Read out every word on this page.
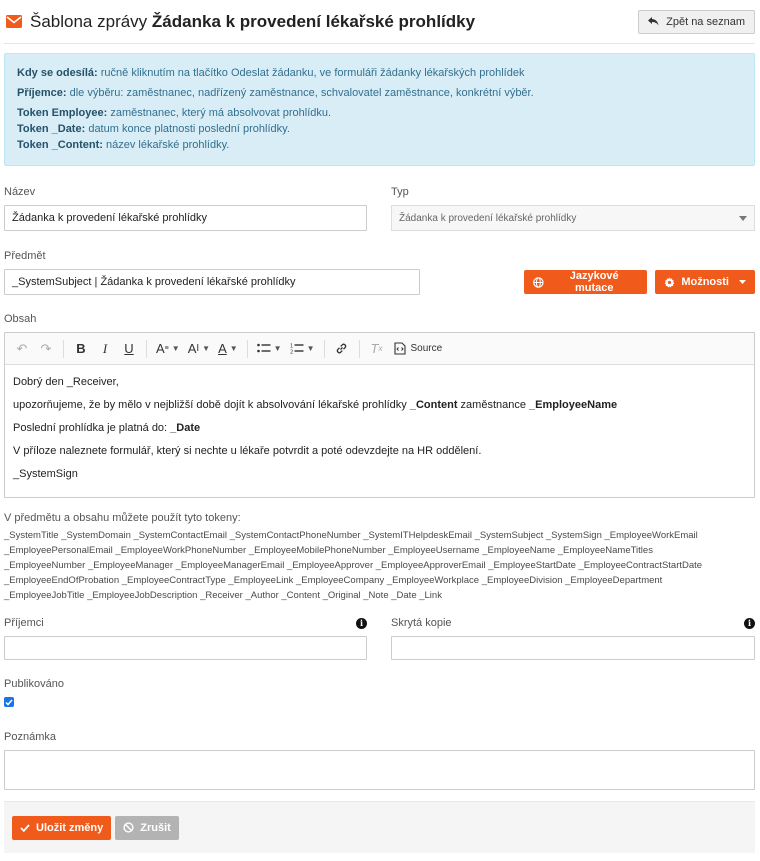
Šablona zprávy Žádanka k provedení lékařské prohlídky	Zpět na seznam
Kdy se odesílá: ručně kliknutím na tlačítko Odeslat žádanku, ve formuláři žádanky lékařských prohlídek
Příjemce: dle výběru: zaměstnanec, nadřízený zaměstnance, schvalovatel zaměstnance, konkrétní výběr.
Token Employee: zaměstnanec, který má absolvovat prohlídku.
Token _Date: datum konce platnosti poslední prohlídky.
Token _Content: název lékařské prohlídky.
Název
Žádanka k provedení lékařské prohlídky
Typ
Žádanka k provedení lékařské prohlídky
Předmět
_SystemSubject | Žádanka k provedení lékařské prohlídky	Jazykové mutace	Možnosti
Obsah
↶	↷	B	I	U	A ≡ ▼ A I ▼ A ▼	▼ 1
2 ▼	T x	Source

Dobrý den _Receiver,

upozorňujeme, že by mělo v nejbližší době dojít k absolvování lékařské prohlídky _Content zaměstnance _EmployeeName

Poslední prohlídka je platná do: _Date

V příloze naleznete formulář, který si nechte u lékaře potvrdit a poté odevzdejte na HR oddělení.

_SystemSign

V předmětu a obsahu můžete použít tyto tokeny:
_SystemTitle _SystemDomain _SystemContactEmail _SystemContactPhoneNumber _SystemITHelpdeskEmail _SystemSubject _SystemSign _EmployeeWorkEmail
_EmployeePersonalEmail _EmployeeWorkPhoneNumber _EmployeeMobilePhoneNumber _EmployeeUsername _EmployeeName _EmployeeNameTitles
_EmployeeNumber _EmployeeManager _EmployeeManagerEmail _EmployeeApprover _EmployeeApproverEmail _EmployeeStartDate _EmployeeContractStartDate
_EmployeeEndOfProbation _EmployeeContractType _EmployeeLink _EmployeeCompany _EmployeeWorkplace _EmployeeDivision _EmployeeDepartment
_EmployeeJobTitle _EmployeeJobDescription _Receiver _Author _Content _Original _Note _Date _Link
Příjemci	i	Skrytá kopie	i
Publikováno
Poznámka
Uložit změny	Zrušit
